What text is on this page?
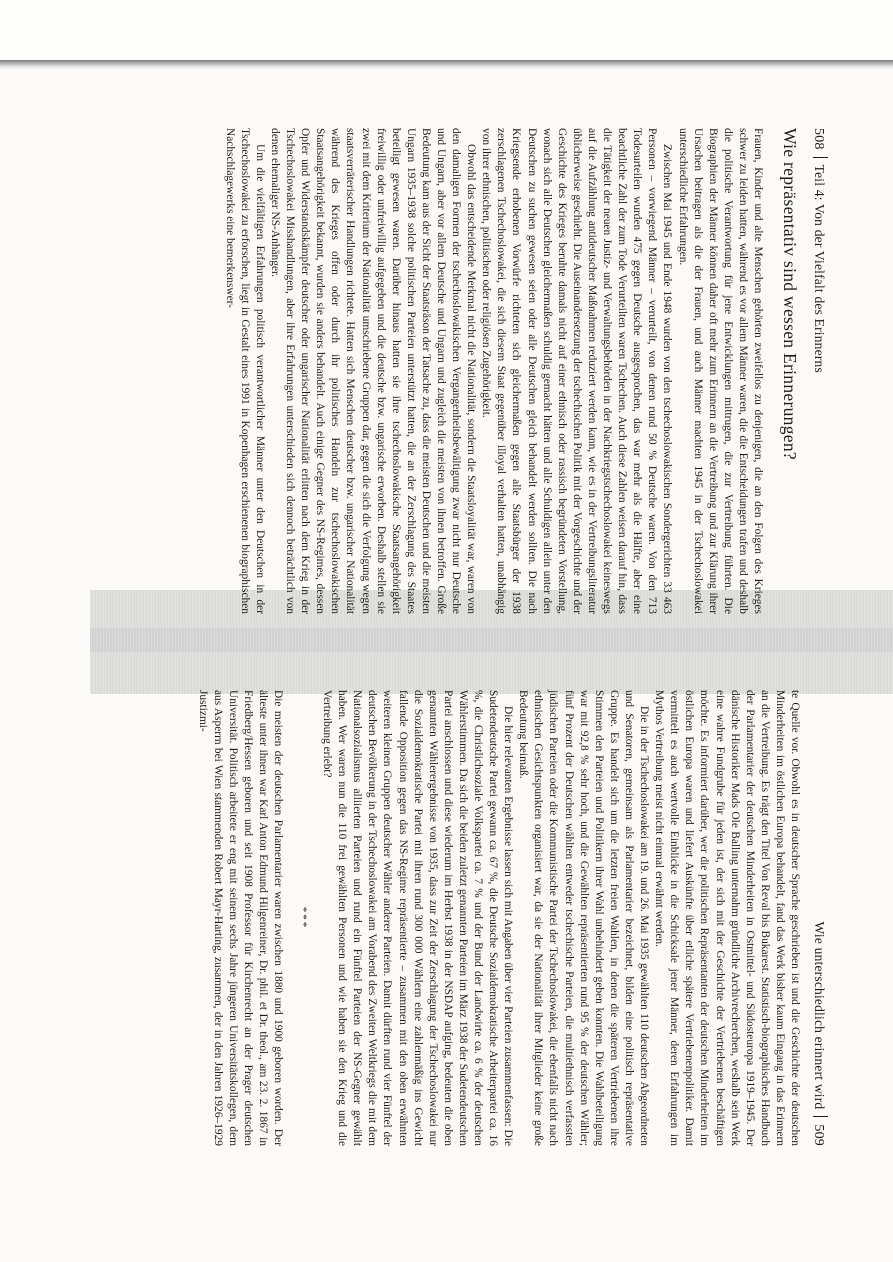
508Teil 4: Von der Vielfalt des Erinnerns
Wie repräsentativ sind wessen Erinnerungen?

Frauen, Kinder und alte Menschen gehörten zweifellos zu denjenigen, die an den Folgen des Krieges schwer zu leiden hatten, während es vor allem Männer waren, die die Entscheidungen trafen und deshalb die politische Verantwortung für jene Entwicklungen mittrugen, die zur Vertreibung führten. Die Biographien der Männer können daher oft mehr zum Erinnern an die Vertreibung und zur Klärung ihrer Ursachen beitragen als die der Frauen, und auch Männer machten 1945 in der Tschechoslowakei unterschiedliche Erfahrungen.

Zwischen Mai 1945 und Ende 1948 wurden von den tschechoslowakischen Sondergerichten 33 463 Personen – vorwiegend Männer – verurteilt, von denen rund 50 % Deutsche waren. Von den 713 Todesurteilen wurden 475 gegen Deutsche ausgesprochen, das war mehr als die Hälfte, aber eine beachtliche Zahl der zum Tode Verurteilten waren Tschechen. Auch diese Zahlen weisen darauf hin, dass die Tätigkeit der neuen Justiz- und Verwaltungsbehörden in der Nachkriegstschechoslowakei keineswegs auf die Aufzählung antideutscher Maßnahmen reduziert werden kann, wie es in der Vertreibungsliteratur üblicherweise geschieht. Die Auseinandersetzung der tschechischen Politik mit der Vorgeschichte und der Geschichte des Krieges beruhte damals nicht auf einer ethnisch oder rassisch begründeten Vorstellung, wonach sich alle Deutschen gleichermaßen schuldig gemacht hätten und alle Schuldigen allein unter den Deutschen zu suchen gewesen seien oder alle Deutschen gleich behandelt werden sollten. Die nach Kriegsende erhobenen Vorwürfe richteten sich gleichermaßen gegen alle Staatsbürger der 1938 zerschlagenen Tschechoslowakei, die sich diesem Staat gegenüber illoyal verhalten hatten, unabhängig von ihrer ethnischen, politischen oder religiösen Zugehörigkeit.

Obwohl das entscheidende Merkmal nicht die Nationalität, sondern die Staatsloyalität war, waren von den damaligen Formen der tschechoslowakischen Vergangenheitsbewältigung zwar nicht nur Deutsche und Ungarn, aber vor allem Deutsche und Ungarn und zugleich die meisten von ihnen betroffen. Große Bedeutung kam aus der Sicht der Staatsräson der Tatsache zu, dass die meisten Deutschen und die meisten Ungarn 1935–1938 solche politischen Parteien unterstützt hatten, die an der Zerschlagung des Staates beteiligt gewesen waren. Darüber hinaus hatten sie ihre tschechoslowakische Staatsangehörigkeit freiwillig oder unfreiwillig aufgegeben und die deutsche bzw. ungarische erworben. Deshalb stellen sie zwei mit dem Kriterium der Nationalität umschriebene Gruppen dar, gegen die sich die Verfolgung wegen staatsverräterischer Handlungen richtete. Hatten sich Menschen deutscher bzw. ungarischer Nationalität während des Krieges offen oder durch ihr politisches Handeln zur tschechoslowakischen Staatsangehörigkeit bekannt, wurden sie anders behandelt. Auch einige Gegner des NS-Regimes, dessen Opfer und Widerstandskämpfer deutscher oder ungarischer Nationalität erlitten nach dem Krieg in der Tschechoslowakei Misshandlungen, aber ihre Erfahrungen unterschieden sich dennoch beträchtlich von denen ehemaliger NS-Anhänger.

Um die vielfältigen Erfahrungen politisch verantwortlicher Männer unter den Deutschen in der Tschechoslowakei zu erforschen, liegt in Gestalt eines 1991 in Kopenhagen erschienenen biographischen Nachschlagewerks eine bemerkenswer-

Wie unterschiedlich erinnert wird509

te Quelle vor. Obwohl es in deutscher Sprache geschrieben ist und die Geschichte der deutschen Minderheiten im östlichen Europa behandelt, fand das Werk bisher kaum Eingang in das Erinnern an die Vertreibung. Es trägt den Titel Von Reval bis Bukarest. Statistisch-biographisches Handbuch der Parlamentarier der deutschen Minderheiten in Ostmittel- und Südosteuropa 1919–1945. Der dänische Historiker Mads Ole Balling unternahm gründliche Archivrecherchen, weshalb sein Werk eine wahre Fundgrube für jeden ist, der sich mit der Geschichte der Vertriebenen beschäftigen möchte. Es informiert darüber, wer die politischen Repräsentanten der deutschen Minderheiten im östlichen Europa waren und liefert Auskünfte über etliche spätere Vertriebenenpolitiker. Damit vermittelt es auch wertvolle Einblicke in die Schicksale jener Männer, deren Erfahrungen im Mythos Vertreibung meist nicht einmal erwähnt werden.

Die in der Tschechoslowakei am 19. und 26. Mai 1935 gewählten 110 deutschen Abgeordneten und Senatoren, gemeinsam als Parlamentarier bezeichnet, bilden eine politisch repräsentative Gruppe. Es handelt sich um die letzten freien Wahlen, in denen die späteren Vertriebenen ihre Stimmen den Parteien und Politikern ihrer Wahl unbehindert geben konnten. Die Wahlbeteiligung war mit 92,8 % sehr hoch, und die Gewählten repräsentierten rund 95 % der deutschen Wähler; fünf Prozent der Deutschen wählten entweder tschechische Parteien, die multiethnisch verfassten jüdischen Parteien oder die Kommunistische Partei der Tschechoslowakei, die ebenfalls nicht nach ethnischen Gesichtspunkten organisiert war, da sie der Nationalität ihrer Mitglieder keine große Bedeutung beimaß.

Die hier relevanten Ergebnisse lassen sich mit Angaben über vier Parteien zusammenfassen: Die Sudetendeutsche Partei gewann ca. 67 %, die Deutsche Sozialdemokratische Arbeiterpartei ca. 16 %, die Christlichsoziale Volkspartei ca. 7 % und der Bund der Landwirte ca. 6 % der deutschen Wählerstimmen. Da sich die beiden zuletzt genannten Parteien im März 1938 der Sudetendeutschen Partei anschlossen und diese wiederum im Herbst 1938 in der NSDAP aufging, bedeuten die oben genannten Wählerergebnisse von 1935, dass zur Zeit der Zerschlagung der Tschechoslowakei nur die Sozialdemokratische Partei mit ihren rund 300 000 Wählern eine zahlenmäßig ins Gewicht fallende Opposition gegen das NS-Regime repräsentierte – zusammen mit den oben erwähnten weiteren kleinen Gruppen deutscher Wähler anderer Parteien. Damit dürften rund vier Fünftel der deutschen Bevölkerung in der Tschechoslowakei am Vorabend des Zweiten Weltkriegs die mit dem Nationalsozialismus alliierten Parteien und rund ein Fünftel Parteien der NS-Gegner gewählt haben. Wer waren nun die 110 frei gewählten Personen und wie haben sie den Krieg und die Vertreibung erlebt?

***

Die meisten der deutschen Parlamentarier waren zwischen 1880 und 1900 geboren worden. Der älteste unter ihnen war Karl Anton Edmund Hilgenreiner, Dr. phil. et Dr. theol., am 23. 2. 1867 in Friedberg/Hessen geboren und seit 1908 Professor für Kirchenrecht an der Prager deutschen Universität. Politisch arbeitete er eng mit seinem sechs Jahre jüngeren Universitätskollegen, dem aus Asperrn bei Wien stammenden Robert Mayr-Harting, zusammen, der in den Jahren 1926–1929 Justizmi-
